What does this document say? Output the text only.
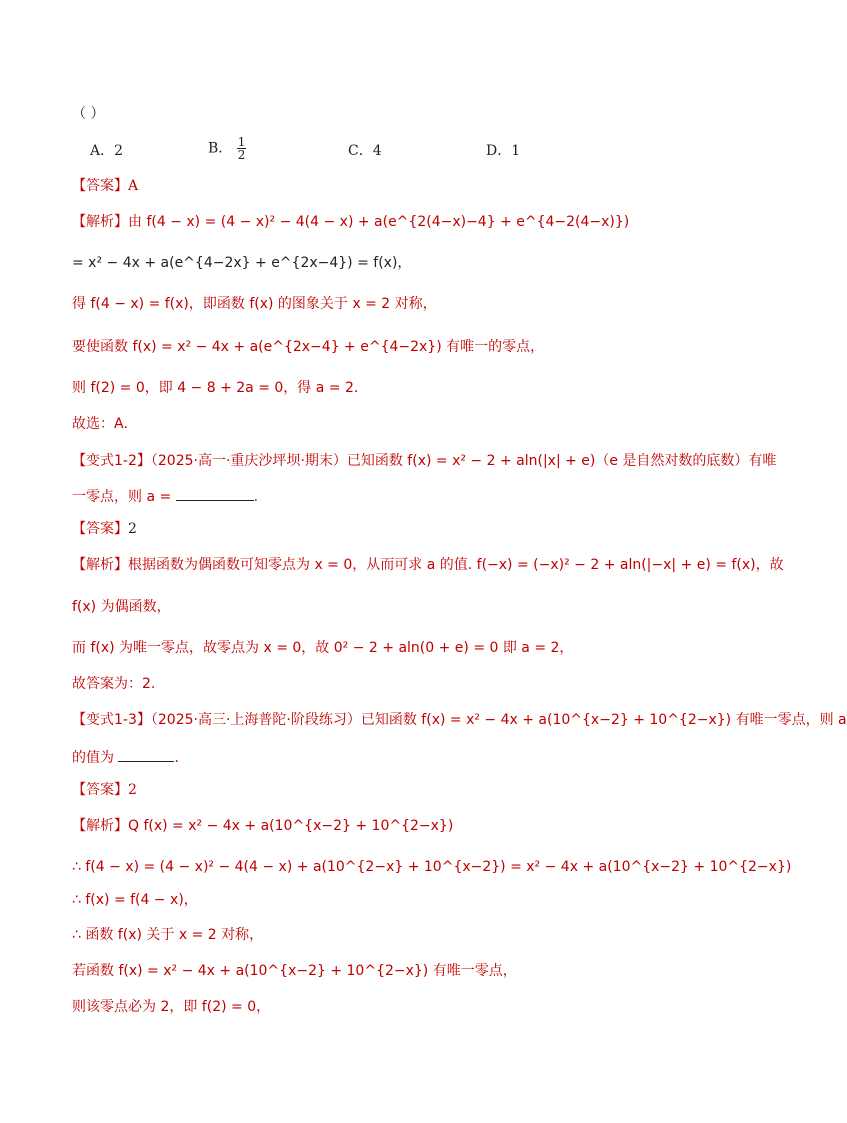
（ ）
A．2	B． $\frac{1}{2}$	C．4	D．1
【答案】A
【解析】由 f(4 − x) = (4 − x)² − 4(4 − x) + a(e^{2(4−x)−4} + e^{4−2(4−x)})
= x² − 4x + a(e^{4−2x} + e^{2x−4}) = f(x)，
得 f(4 − x) = f(x)，即函数 f(x) 的图象关于 x = 2 对称，
要使函数 f(x) = x² − 4x + a(e^{2x−4} + e^{4−2x}) 有唯一的零点，
则 f(2) = 0，即 4 − 8 + 2a = 0，得 a = 2．
故选：A．
【变式1-2】（2025·高一·重庆沙坪坝·期末）已知函数 f(x) = x² − 2 + aln(|x| + e)（e 是自然对数的底数）有唯
一零点，则 a =	.
【答案】2
【解析】根据函数为偶函数可知零点为 x = 0，从而可求 a 的值. f(−x) = (−x)² − 2 + aln(|−x| + e) = f(x)，故
f(x) 为偶函数，
而 f(x) 为唯一零点，故零点为 x = 0，故 0² − 2 + aln(0 + e) = 0 即 a = 2，
故答案为：2.
【变式1-3】（2025·高三·上海普陀·阶段练习）已知函数 f(x) = x² − 4x + a(10^{x−2} + 10^{2−x}) 有唯一零点，则 a
的值为	．
【答案】2
【解析】Q f(x) = x² − 4x + a(10^{x−2} + 10^{2−x})
∴ f(4 − x) = (4 − x)² − 4(4 − x) + a(10^{2−x} + 10^{x−2}) = x² − 4x + a(10^{x−2} + 10^{2−x})
∴ f(x) = f(4 − x)，
∴ 函数 f(x) 关于 x = 2 对称，
若函数 f(x) = x² − 4x + a(10^{x−2} + 10^{2−x}) 有唯一零点，
则该零点必为 2，即 f(2) = 0，
